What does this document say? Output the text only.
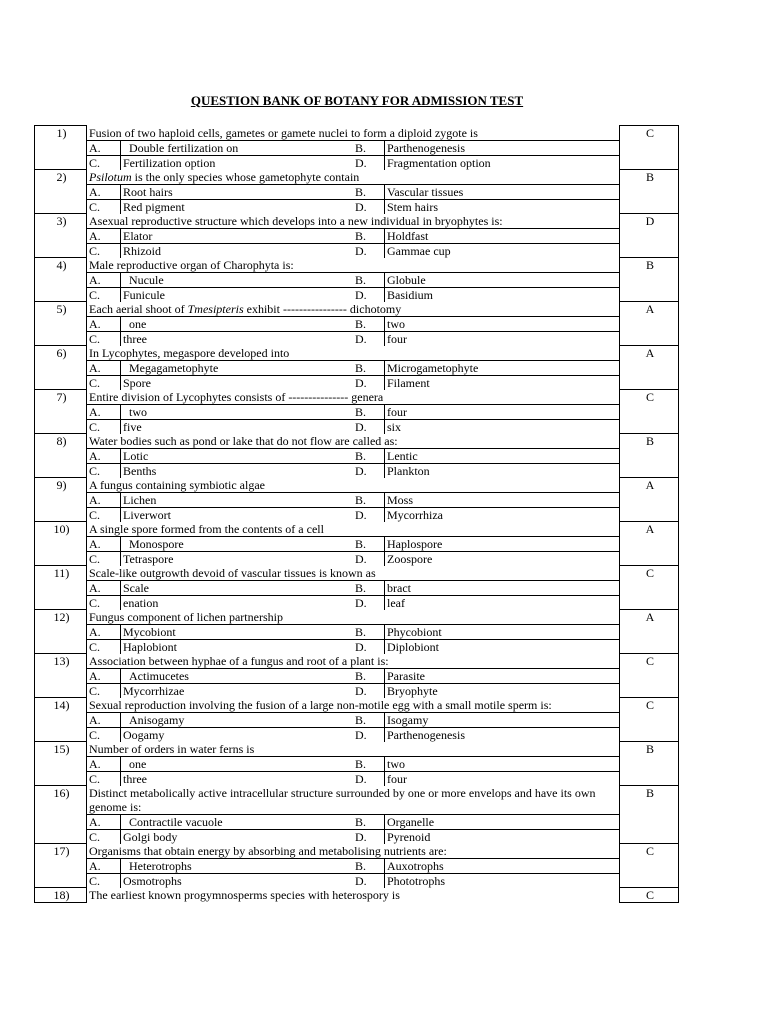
QUESTION BANK OF BOTANY FOR ADMISSION TEST
1)	Fusion of two haploid cells, gametes or gamete nuclei to form a diploid zygote is				C
	A.	Double fertilization on	B.	Parthenogenesis	
	C.	Fertilization option	D.	Fragmentation option	
2)	Psilotum is the only species whose gametophyte contain				B
	A.	Root hairs	B.	Vascular tissues	
	C.	Red pigment	D.	Stem hairs	
3)	Asexual reproductive structure which develops into a new individual in bryophytes is:				D
	A.	Elator	B.	Holdfast	
	C.	Rhizoid	D.	Gammae cup	
4)	Male reproductive organ of Charophyta is:				B
	A.	Nucule	B.	Globule	
	C.	Funicule	D.	Basidium	
5)	Each aerial shoot of Tmesipteris exhibit ---------------- dichotomy				A
	A.	one	B.	two	
	C.	three	D.	four	
6)	In Lycophytes, megaspore developed into				A
	A.	Megagametophyte	B.	Microgametophyte	
	C.	Spore	D.	Filament	
7)	Entire division of Lycophytes consists of --------------- genera				C
	A.	two	B.	four	
	C.	five	D.	six	
8)	Water bodies such as pond or lake that do not flow are called as:				B
	A.	Lotic	B.	Lentic	
	C.	Benths	D.	Plankton	
9)	A fungus containing symbiotic algae				A
	A.	Lichen	B.	Moss	
	C.	Liverwort	D.	Mycorrhiza	
10)	A single spore formed from the contents of a cell				A
	A.	Monospore	B.	Haplospore	
	C.	Tetraspore	D.	Zoospore	
11)	Scale-like outgrowth devoid of vascular tissues is known as				C
	A.	Scale	B.	bract	
	C.	enation	D.	leaf	
12)	Fungus component of lichen partnership				A
	A.	Mycobiont	B.	Phycobiont	
	C.	Haplobiont	D.	Diplobiont	
13)	Association between hyphae of a fungus and root of a plant is:				C
	A.	Actimucetes	B.	Parasite	
	C.	Mycorrhizae	D.	Bryophyte	
14)	Sexual reproduction involving the fusion of a large non-motile egg with a small motile sperm is:				C
	A.	Anisogamy	B.	Isogamy	
	C.	Oogamy	D.	Parthenogenesis	
15)	Number of orders in water ferns is				B
	A.	one	B.	two	
	C.	three	D.	four	
16)	Distinct metabolically active intracellular structure surrounded by one or more envelops and have its own genome is:				B
	A.	Contractile vacuole	B.	Organelle	
	C.	Golgi body	D.	Pyrenoid	
17)	Organisms that obtain energy by absorbing and metabolising nutrients are:				C
	A.	Heterotrophs	B.	Auxotrophs	
	C.	Osmotrophs	D.	Phototrophs	
18)	The earliest known progymnosperms species with heterospory is				C
